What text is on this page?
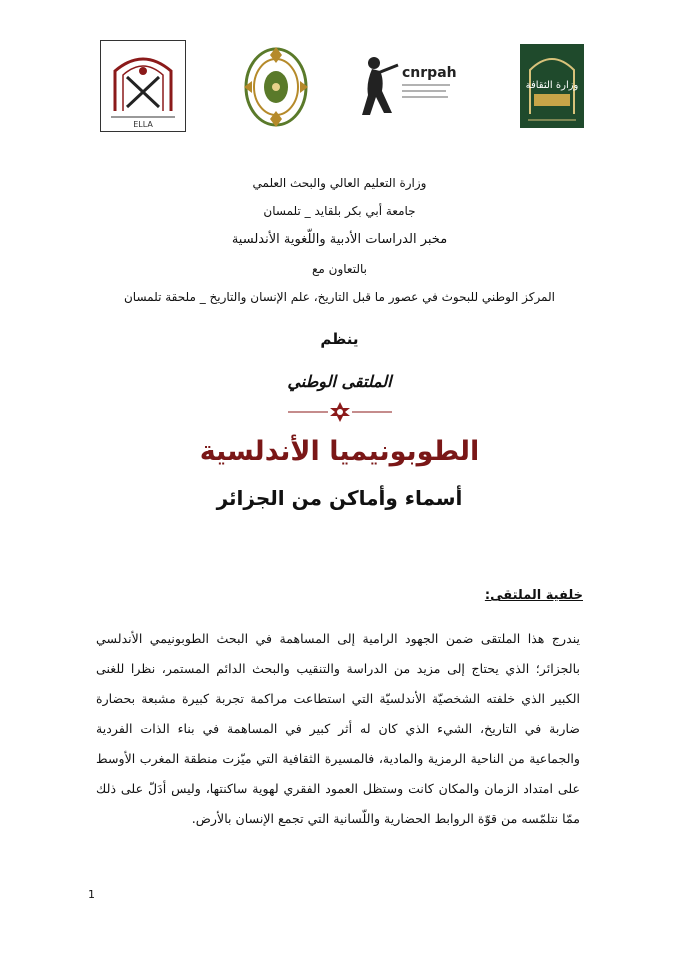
ELLA
cnrpah
وزارة الثقافة
وزارة التعليم العالي والبحث العلمي
جامعة أبي بكر بلقايد _ تلمسان
مخبر الدراسات الأدبية واللّغوية الأندلسية
بالتعاون مع
المركز الوطني للبحوث في عصور ما قبل التاريخ، علم الإنسان والتاريخ _ ملحقة تلمسان
ينظم
الملتقى الوطني
الطوبونيميا الأندلسية
أسماء وأماكن من الجزائر
خلفية الملتقى:
يندرج هذا الملتقى ضمن الجهود الرامية إلى المساهمة في البحث الطوبونيمي الأندلسي بالجزائر؛ الذي يحتاج إلى مزيد من الدراسة والتنقيب والبحث الدائم المستمر، نظرا للغنى الكبير الذي خلفته الشخصيّة الأندلسيّة التي استطاعت مراكمة تجربة كبيرة مشبعة بحضارة ضاربة في التاريخ، الشيء الذي كان له أثر كبير في المساهمة في بناء الذات الفردية والجماعية من الناحية الرمزية والمادية، فالمسيرة الثقافية التي ميّزت منطقة المغرب الأوسط على امتداد الزمان والمكان كانت وستظل العمود الفقري لهوية ساكنتها، وليس أدَلّ على ذلك ممّا نتلمّسه من قوّة الروابط الحضارية واللّسانية التي تجمع الإنسان بالأرض.
1
